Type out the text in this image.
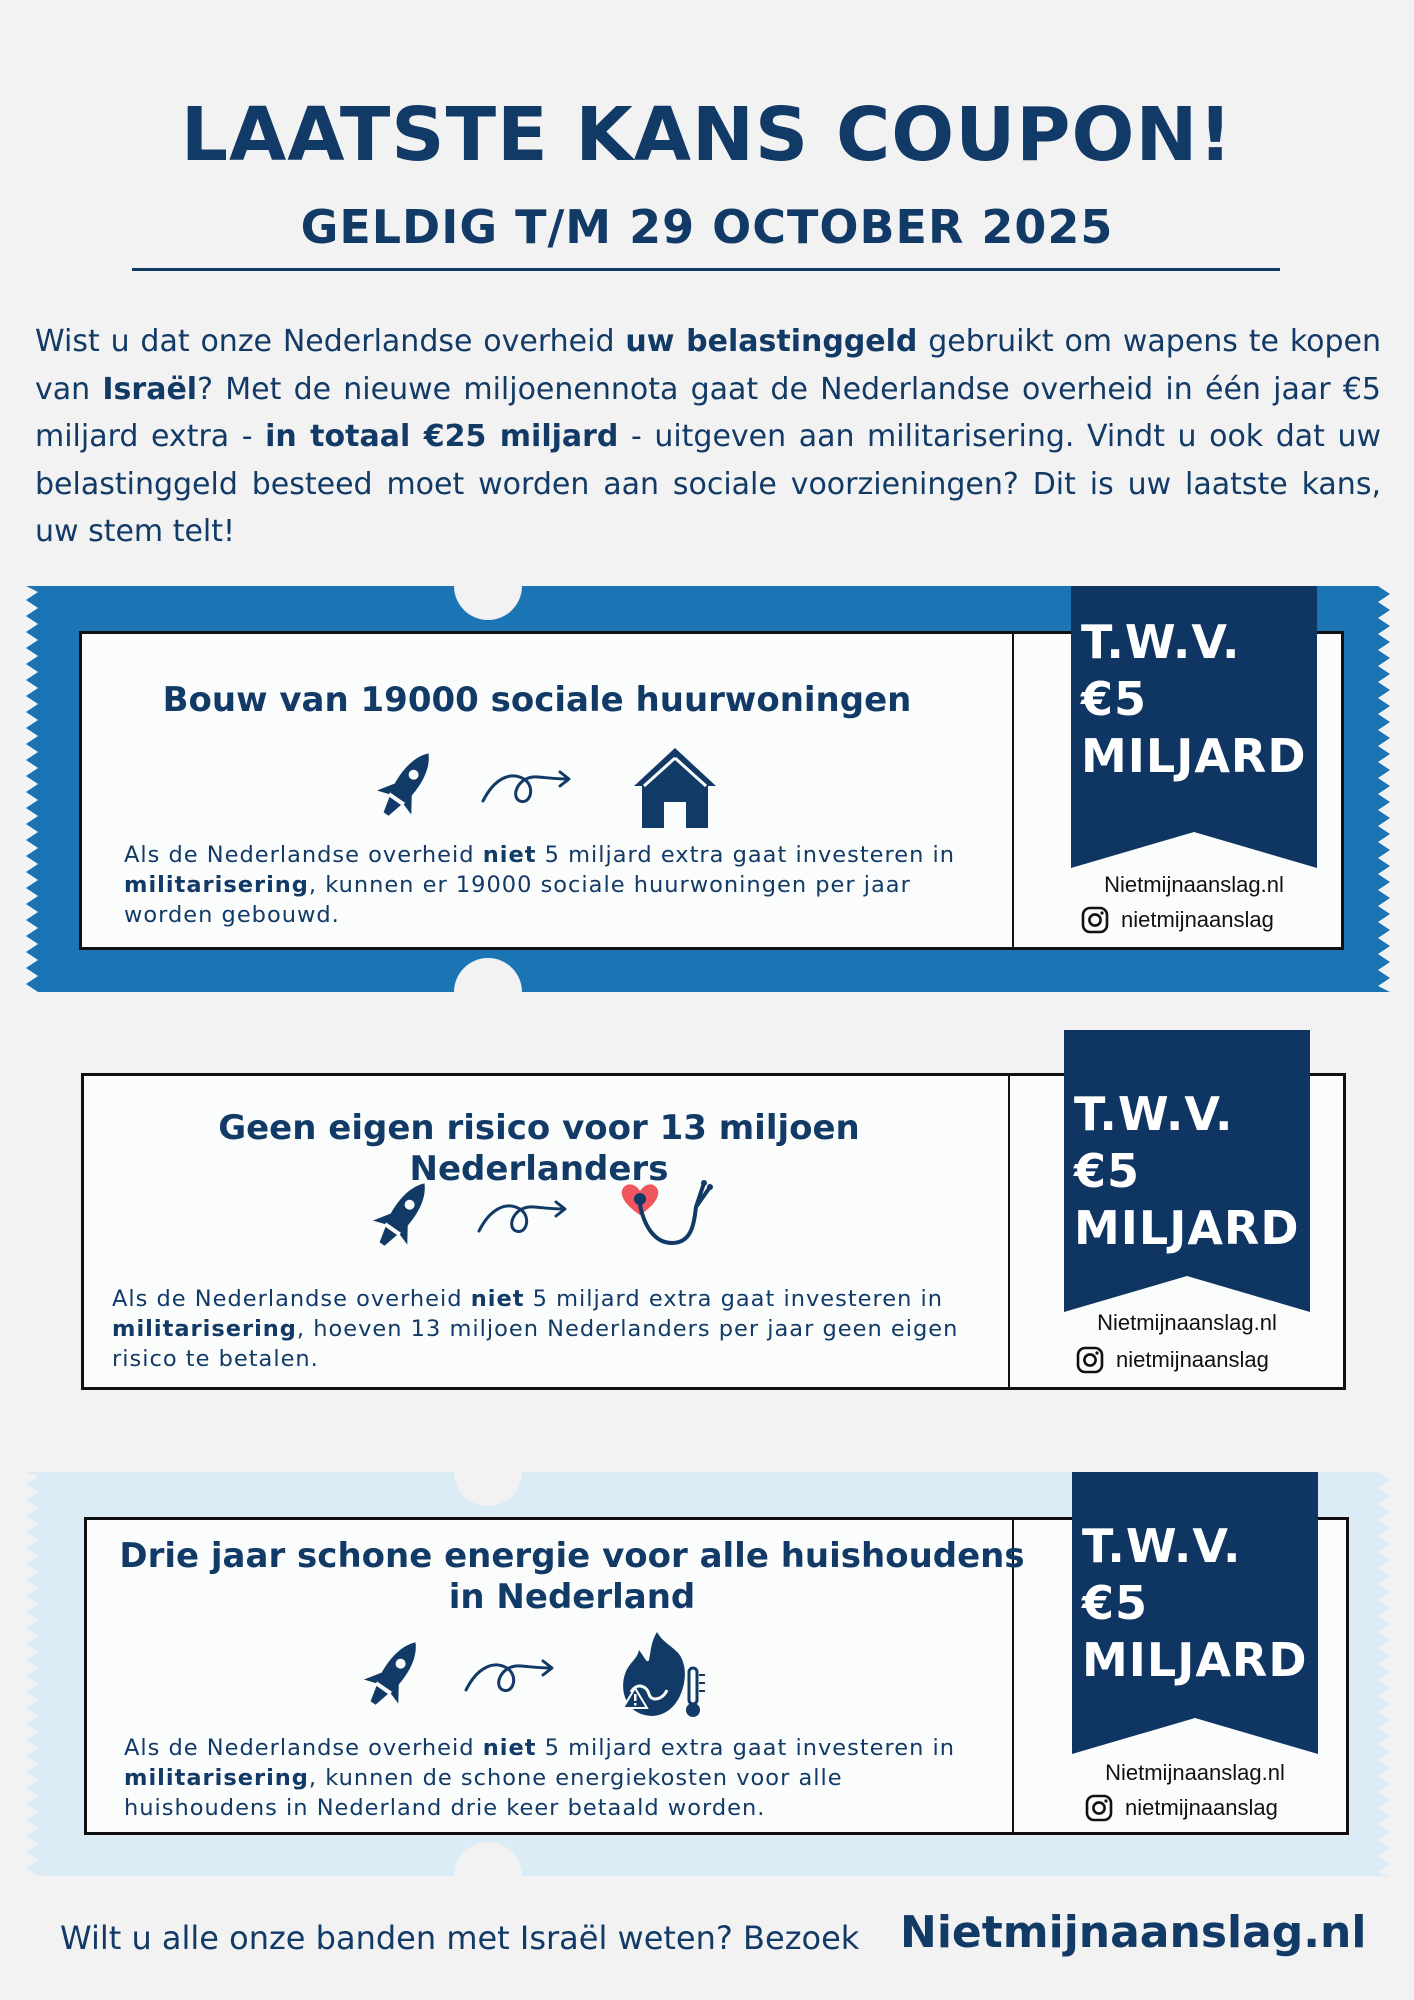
LAATSTE KANS COUPON!
GELDIG T/M 29 OCTOBER 2025

Wist u dat onze Nederlandse overheid uw belastinggeld gebruikt om wapens te kopen van Israël? Met de nieuwe miljoenennota gaat de Nederlandse overheid in één jaar €5 miljard extra - in totaal €25 miljard - uitgeven aan militarisering. Vindt u ook dat uw belastinggeld besteed moet worden aan sociale voorzieningen? Dit is uw laatste kans, uw stem telt!

Bouw van 19000 sociale huurwoningen

Als de Nederlandse overheid niet 5 miljard extra gaat investeren in militarisering, kunnen er 19000 sociale huurwoningen per jaar worden gebouwd.

T.W.V.
€5
MILJARD
Nietmijnaanslag.nl
nietmijnaanslag
Geen eigen risico voor 13 miljoen Nederlanders

Als de Nederlandse overheid niet 5 miljard extra gaat investeren in militarisering, hoeven 13 miljoen Nederlanders per jaar geen eigen risico te betalen.

T.W.V.
€5
MILJARD
Nietmijnaanslag.nl
nietmijnaanslag
Drie jaar schone energie voor alle huishoudens in Nederland

Als de Nederlandse overheid niet 5 miljard extra gaat investeren in militarisering, kunnen de schone energiekosten voor alle huishoudens in Nederland drie keer betaald worden.

T.W.V.
€5
MILJARD
Nietmijnaanslag.nl
nietmijnaanslag
Wilt u alle onze banden met Israël weten? Bezoek Nietmijnaanslag.nl
